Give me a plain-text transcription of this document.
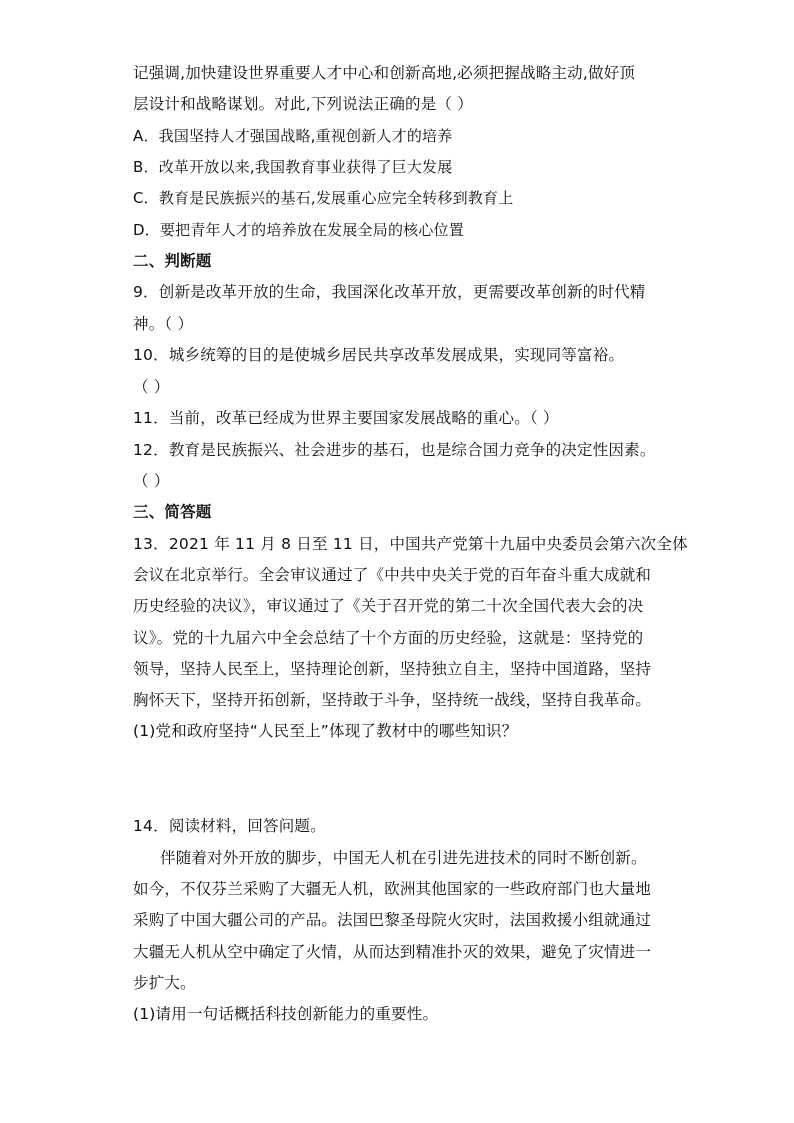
记强调,加快建设世界重要人才中心和创新高地,必须把握战略主动,做好顶
层设计和战略谋划。对此,下列说法正确的是（ ）
A．我国坚持人才强国战略,重视创新人才的培养
B．改革开放以来,我国教育事业获得了巨大发展
C．教育是民族振兴的基石,发展重心应完全转移到教育上
D．要把青年人才的培养放在发展全局的核心位置
二、判断题
9．创新是改革开放的生命，我国深化改革开放，更需要改革创新的时代精
神。（ ）
10．城乡统筹的目的是使城乡居民共享改革发展成果，实现同等富裕。
（ ）
11．当前，改革已经成为世界主要国家发展战略的重心。（ ）
12．教育是民族振兴、社会进步的基石，也是综合国力竞争的决定性因素。
（ ）
三、简答题
13．2021 年 11 月 8 日至 11 日，中国共产党第十九届中央委员会第六次全体
会议在北京举行。全会审议通过了《中共中央关于党的百年奋斗重大成就和
历史经验的决议》，审议通过了《关于召开党的第二十次全国代表大会的决
议》。党的十九届六中全会总结了十个方面的历史经验，这就是：坚持党的
领导，坚持人民至上，坚持理论创新，坚持独立自主，坚持中国道路，坚持
胸怀天下，坚持开拓创新，坚持敢于斗争，坚持统一战线，坚持自我革命。
(1)党和政府坚持“人民至上”体现了教材中的哪些知识？
14．阅读材料，回答问题。
伴随着对外开放的脚步，中国无人机在引进先进技术的同时不断创新。
如今，不仅芬兰采购了大疆无人机，欧洲其他国家的一些政府部门也大量地
采购了中国大疆公司的产品。法国巴黎圣母院火灾时，法国救援小组就通过
大疆无人机从空中确定了火情，从而达到精准扑灭的效果，避免了灾情进一
步扩大。
(1)请用一句话概括科技创新能力的重要性。
